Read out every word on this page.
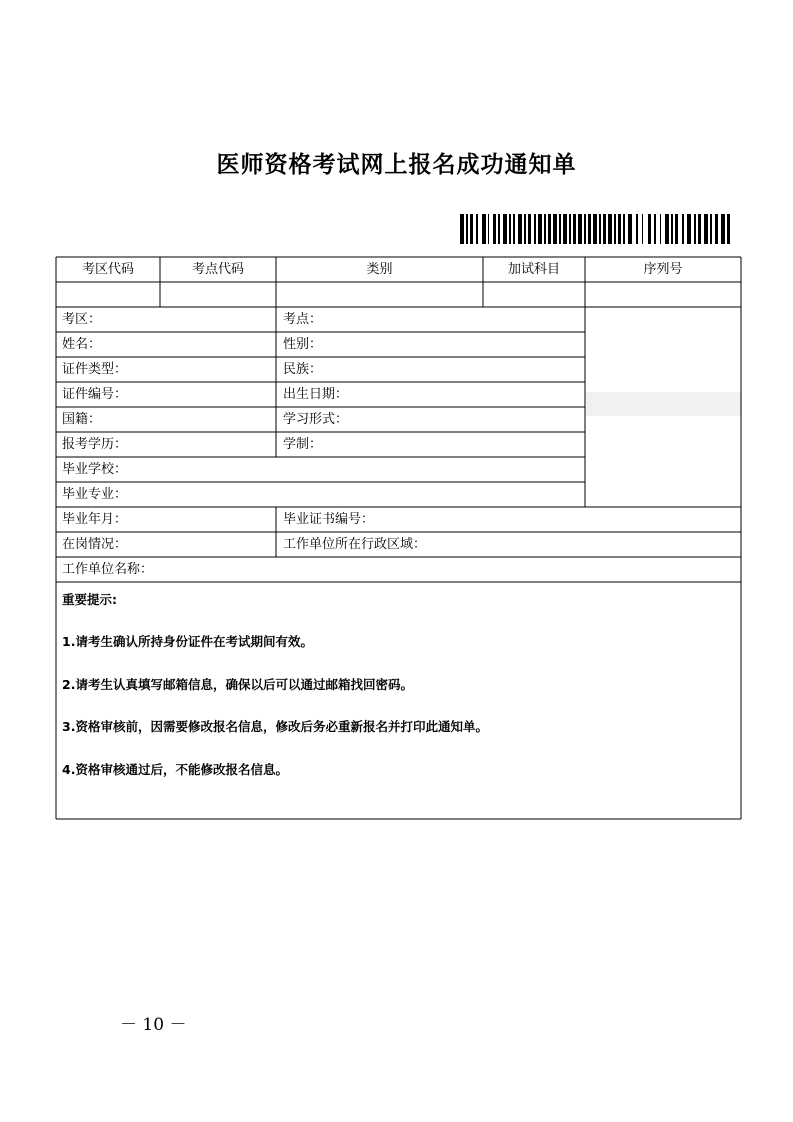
医师资格考试网上报名成功通知单
考区代码	考点代码	类别	加试科目	序列号
考区：	考点：
姓名：	性别：
证件类型：	民族：
证件编号：	出生日期：
国籍：	学习形式：
报考学历：	学制：
毕业学校：
毕业专业：
毕业年月：	毕业证书编号：
在岗情况：	工作单位所在行政区域：
工作单位名称：
重要提示:
1.请考生确认所持身份证件在考试期间有效。
2.请考生认真填写邮箱信息，确保以后可以通过邮箱找回密码。
3.资格审核前，因需要修改报名信息，修改后务必重新报名并打印此通知单。
4.资格审核通过后，不能修改报名信息。
－ 10 －
